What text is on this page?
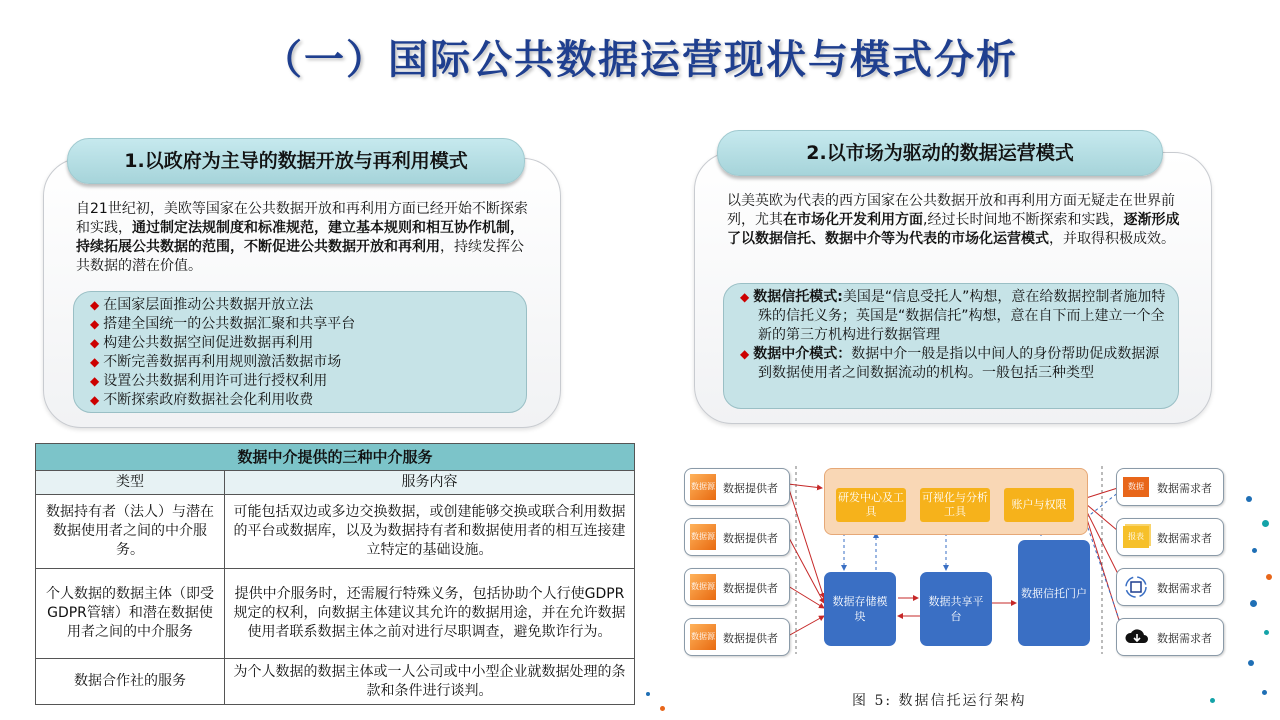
（一）国际公共数据运营现状与模式分析
1.以政府为主导的数据开放与再利用模式
自21世纪初，美欧等国家在公共数据开放和再利用方面已经开始不断探索和实践，通过制定法规制度和标准规范，建立基本规则和相互协作机制，持续拓展公共数据的范围，不断促进公共数据开放和再利用，持续发挥公共数据的潜在价值。
◆ 在国家层面推动公共数据开放立法
◆ 搭建全国统一的公共数据汇聚和共享平台
◆ 构建公共数据空间促进数据再利用
◆ 不断完善数据再利用规则激活数据市场
◆ 设置公共数据利用许可进行授权利用
◆ 不断探索政府数据社会化利用收费
2.以市场为驱动的数据运营模式
以美英欧为代表的西方国家在公共数据开放和再利用方面无疑走在世界前列，尤其在市场化开发利用方面,经过长时间地不断探索和实践，逐渐形成了以数据信托、数据中介等为代表的市场化运营模式，并取得积极成效。
◆ 数据信托模式:美国是“信息受托人”构想，意在给数据控制者施加特殊的信托义务；英国是“数据信托”构想，意在自下而上建立一个全新的第三方机构进行数据管理
◆ 数据中介模式：数据中介一般是指以中间人的身份帮助促成数据源到数据使用者之间数据流动的机构。一般包括三种类型
数据中介提供的三种中介服务	
类型	服务内容
数据持有者（法人）与潜在数据使用者之间的中介服务。	可能包括双边或多边交换数据，或创建能够交换或联合利用数据的平台或数据库，以及为数据持有者和数据使用者的相互连接建立特定的基础设施。
个人数据的数据主体（即受GDPR管辖）和潜在数据使用者之间的中介服务	提供中介服务时，还需履行特殊义务，包括协助个人行使GDPR规定的权利，向数据主体建议其允许的数据用途，并在允许数据使用者联系数据主体之前对进行尽职调查，避免欺诈行为。
数据合作社的服务	为个人数据的数据主体或一人公司或中小型企业就数据处理的条款和条件进行谈判。
数据源 数据提供者
数据源 数据提供者
数据源 数据提供者
数据源 数据提供者
研发中心及工具
可视化与分析工具
账户与权限
数据存储模块
数据共享平台
数据信托门户
数据	数据需求者
报表	数据需求者
数据需求者
数据需求者
图 5: 数据信托运行架构
